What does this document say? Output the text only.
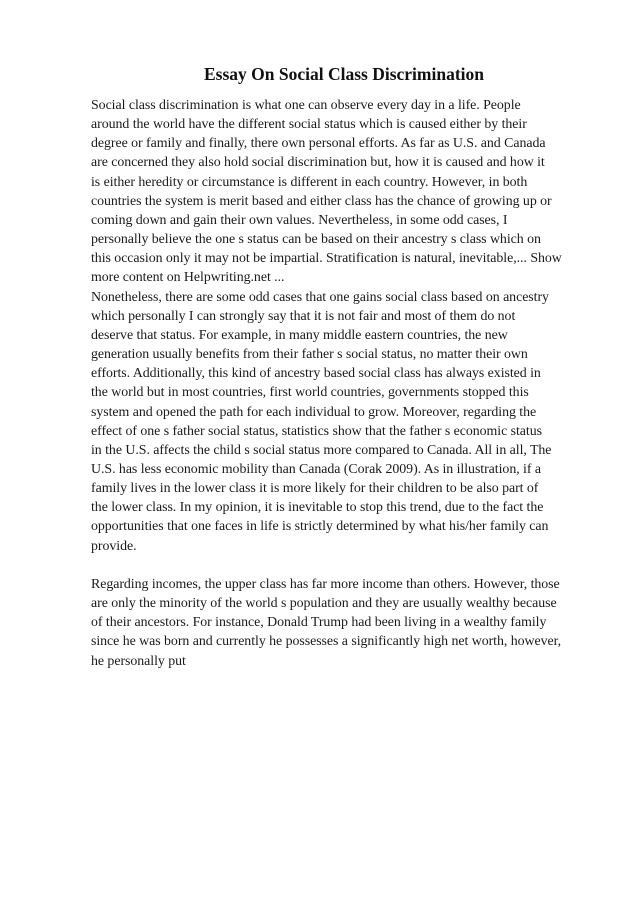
Essay On Social Class Discrimination
Social class discrimination is what one can observe every day in a life. People
around the world have the different social status which is caused either by their
degree or family and finally, there own personal efforts. As far as U.S. and Canada
are concerned they also hold social discrimination but, how it is caused and how it
is either heredity or circumstance is different in each country. However, in both
countries the system is merit based and either class has the chance of growing up or
coming down and gain their own values. Nevertheless, in some odd cases, I
personally believe the one s status can be based on their ancestry s class which on
this occasion only it may not be impartial. Stratification is natural, inevitable,... Show
more content on Helpwriting.net ...
Nonetheless, there are some odd cases that one gains social class based on ancestry
which personally I can strongly say that it is not fair and most of them do not
deserve that status. For example, in many middle eastern countries, the new
generation usually benefits from their father s social status, no matter their own
efforts. Additionally, this kind of ancestry based social class has always existed in
the world but in most countries, first world countries, governments stopped this
system and opened the path for each individual to grow. Moreover, regarding the
effect of one s father social status, statistics show that the father s economic status
in the U.S. affects the child s social status more compared to Canada. All in all, The
U.S. has less economic mobility than Canada (Corak 2009). As in illustration, if a
family lives in the lower class it is more likely for their children to be also part of
the lower class. In my opinion, it is inevitable to stop this trend, due to the fact the
opportunities that one faces in life is strictly determined by what his/her family can
provide.
Regarding incomes, the upper class has far more income than others. However, those
are only the minority of the world s population and they are usually wealthy because
of their ancestors. For instance, Donald Trump had been living in a wealthy family
since he was born and currently he possesses a significantly high net worth, however,
he personally put
